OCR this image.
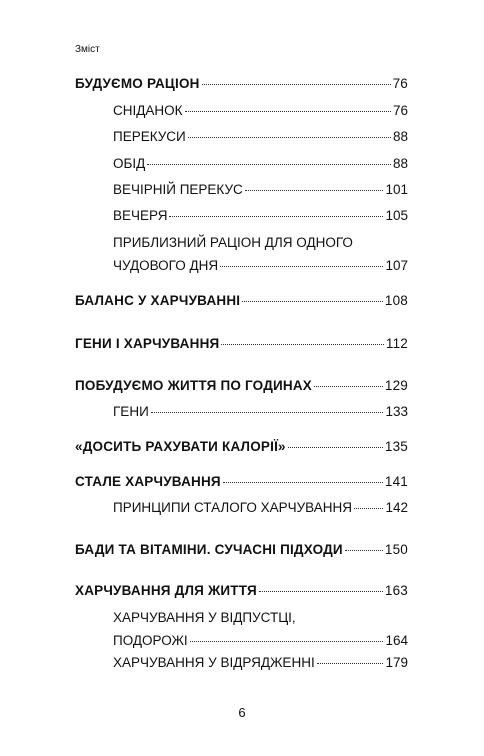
Зміст
БУДУЄМО РАЦІОН	76
СНІДАНОК	76
ПЕРЕКУСИ	88
ОБІД	88
ВЕЧІРНІЙ ПЕРЕКУС	101
ВЕЧЕРЯ	105
ПРИБЛИЗНИЙ РАЦІОН ДЛЯ ОДНОГО
ЧУДОВОГО ДНЯ	107
БАЛАНС У ХАРЧУВАННІ	108
ГЕНИ І ХАРЧУВАННЯ	112
ПОБУДУЄМО ЖИТТЯ ПО ГОДИНАХ	129
ГЕНИ	133
«ДОСИТЬ РАХУВАТИ КАЛОРІЇ»	135
СТАЛЕ ХАРЧУВАННЯ	141
ПРИНЦИПИ СТАЛОГО ХАРЧУВАННЯ 142
БАДИ ТА ВІТАМІНИ. СУЧАСНІ ПІДХОДИ	150
ХАРЧУВАННЯ ДЛЯ ЖИТТЯ	163
ХАРЧУВАННЯ У ВІДПУСТЦІ,
ПОДОРОЖІ	164
ХАРЧУВАННЯ У ВІДРЯДЖЕННІ	179
6
